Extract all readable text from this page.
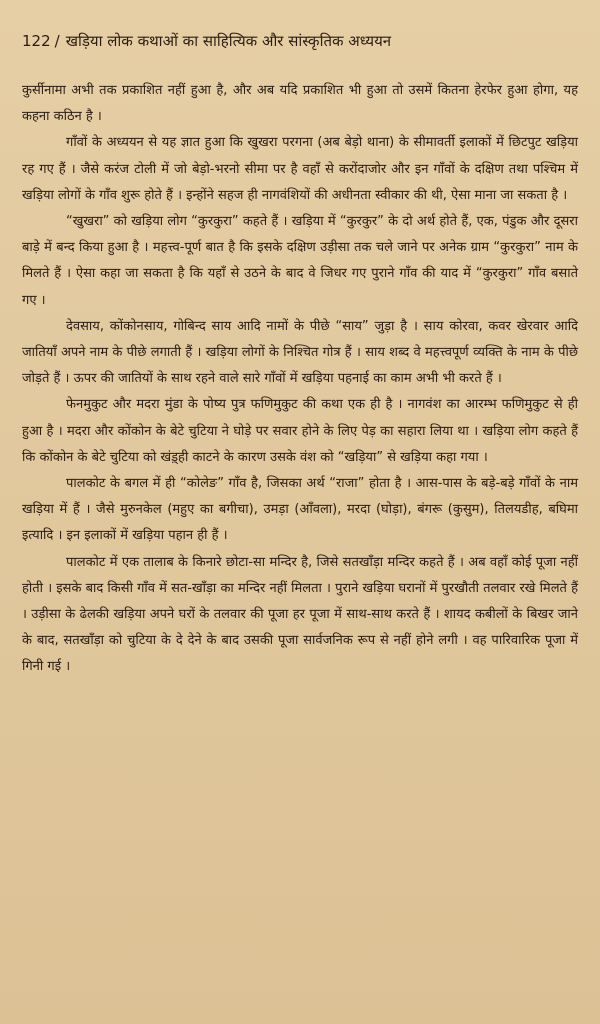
122 / खड़िया लोक कथाओं का साहित्यिक और सांस्कृतिक अध्ययन

कुर्सीनामा अभी तक प्रकाशित नहीं हुआ है, और अब यदि प्रकाशित भी हुआ तो उसमें कितना हेरफेर हुआ होगा, यह कहना कठिन है ।

गाँवों के अध्ययन से यह ज्ञात हुआ कि खुखरा परगना (अब बेड़ो थाना) के सीमावर्ती इलाकों में छिटपुट खड़िया रह गए हैं । जैसे करंज टोली में जो बेड़ो-भरनो सीमा पर है वहाँ से करोंदाजोर और इन गाँवों के दक्षिण तथा पश्चिम में खड़िया लोगों के गाँव शुरू होते हैं । इन्होंने सहज ही नागवंशियों की अधीनता स्वीकार की थी, ऐसा माना जा सकता है ।

“खुखरा” को खड़िया लोग “कुरकुरा” कहते हैं । खड़िया में “कुरकुर” के दो अर्थ होते हैं, एक, पंडुक और दूसरा बाड़े में बन्द किया हुआ है । महत्त्व-पूर्ण बात है कि इसके दक्षिण उड़ीसा तक चले जाने पर अनेक ग्राम “कुरकुरा” नाम के मिलते हैं । ऐसा कहा जा सकता है कि यहाँ से उठने के बाद वे जिधर गए पुराने गाँव की याद में “कुरकुरा” गाँव बसाते गए ।

देवसाय, कोंकोनसाय, गोबिन्द साय आदि नामों के पीछे “साय” जुड़ा है । साय कोरवा, कवर खेरवार आदि जातियाँ अपने नाम के पीछे लगाती हैं । खड़िया लोगों के निश्चित गोत्र हैं । साय शब्द वे महत्त्वपूर्ण व्यक्ति के नाम के पीछे जोड़ते हैं । ऊपर की जातियों के साथ रहने वाले सारे गाँवों में खड़िया पहनाई का काम अभी भी करते हैं ।

फेनमुकुट और मदरा मुंडा के पोष्य पुत्र फणिमुकुट की कथा एक ही है । नागवंश का आरम्भ फणिमुकुट से ही हुआ है । मदरा और कोंकोन के बेटे चुटिया ने घोड़े पर सवार होने के लिए पेड़ का सहारा लिया था । खड़िया लोग कहते हैं कि कोंकोन के बेटे चुटिया को खंड़्ही काटने के कारण उसके वंश को “खड़िया” से खड़िया कहा गया ।

पालकोट के बगल में ही “कोलेङ” गाँव है, जिसका अर्थ “राजा” होता है । आस-पास के बड़े-बड़े गाँवों के नाम खड़िया में हैं । जैसे मुरुनकेल (महुए का बगीचा), उमड़ा (आँवला), मरदा (घोड़ा), बंगरू (कुसुम), तिलयडीह, बघिमा इत्यादि । इन इलाकों में खड़िया पहान ही हैं ।

पालकोट में एक तालाब के किनारे छोटा-सा मन्दिर है, जिसे सतखाँड़ा मन्दिर कहते हैं । अब वहाँ कोई पूजा नहीं होती । इसके बाद किसी गाँव में सत-खाँड़ा का मन्दिर नहीं मिलता । पुराने खड़िया घरानों में पुरखौती तलवार रखे मिलते हैं । उड़ीसा के ढेलकी खड़िया अपने घरों के तलवार की पूजा हर पूजा में साथ-साथ करते हैं । शायद कबीलों के बिखर जाने के बाद, सतखाँड़ा को चुटिया के दे देने के बाद उसकी पूजा सार्वजनिक रूप से नहीं होने लगी । वह पारिवारिक पूजा में गिनी गई ।
